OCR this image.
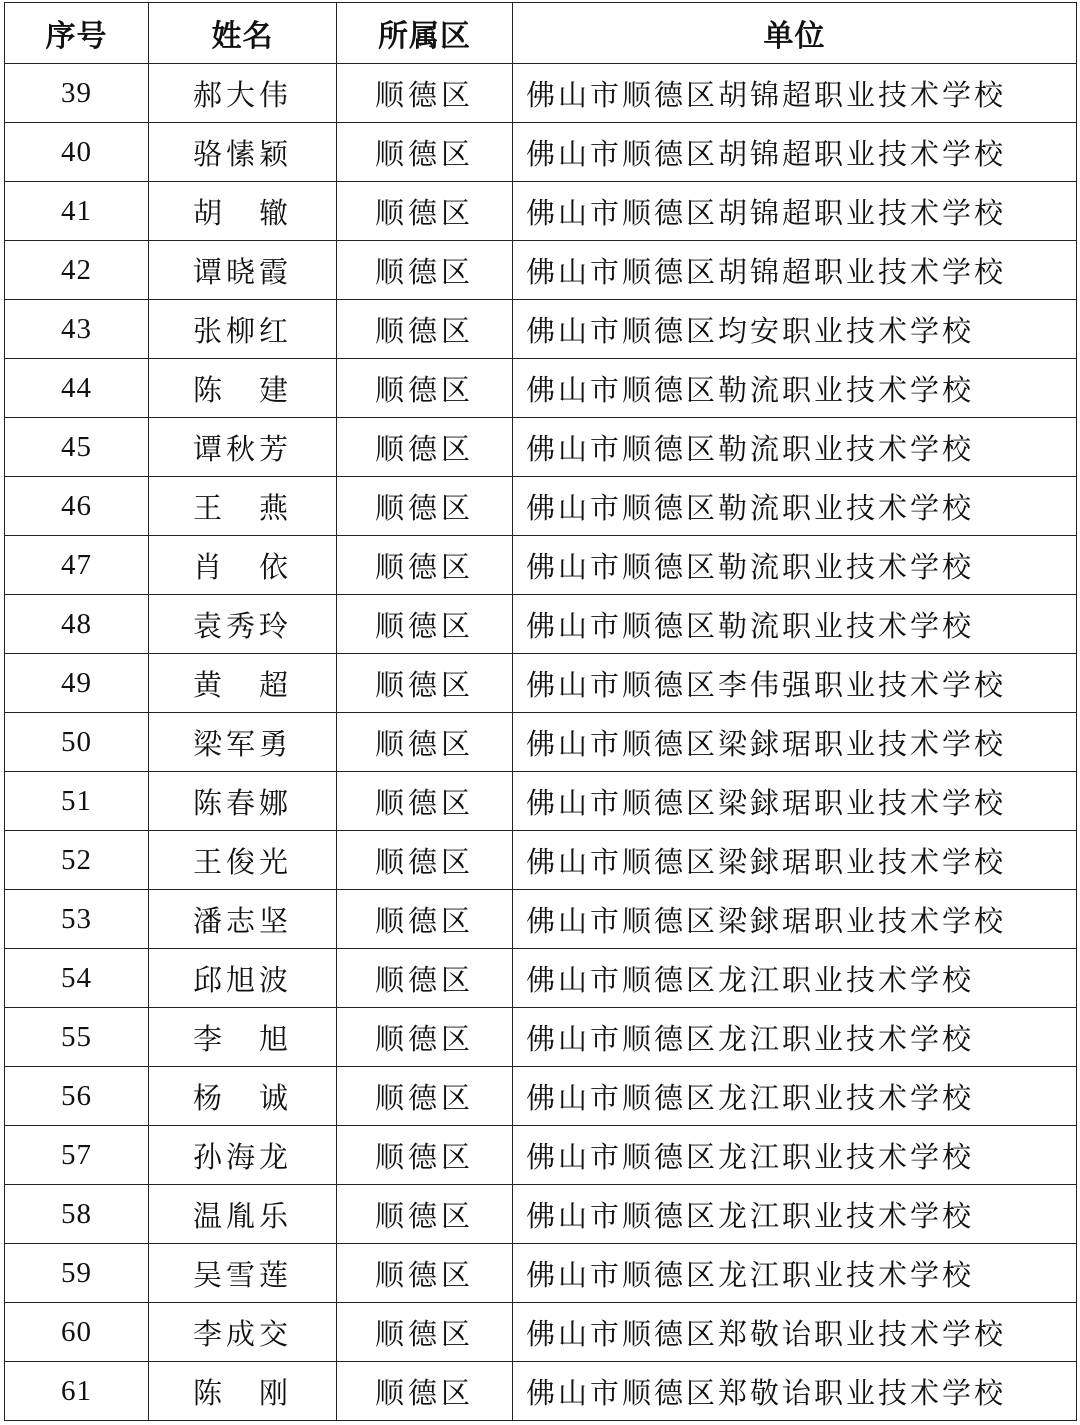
序号	姓名	所属区	单位
39	郝大伟	顺德区	佛山市顺德区胡锦超职业技术学校
40	骆愫颖	顺德区	佛山市顺德区胡锦超职业技术学校
41	胡　辙	顺德区	佛山市顺德区胡锦超职业技术学校
42	谭晓霞	顺德区	佛山市顺德区胡锦超职业技术学校
43	张柳红	顺德区	佛山市顺德区均安职业技术学校
44	陈　建	顺德区	佛山市顺德区勒流职业技术学校
45	谭秋芳	顺德区	佛山市顺德区勒流职业技术学校
46	王　燕	顺德区	佛山市顺德区勒流职业技术学校
47	肖　依	顺德区	佛山市顺德区勒流职业技术学校
48	袁秀玲	顺德区	佛山市顺德区勒流职业技术学校
49	黄　超	顺德区	佛山市顺德区李伟强职业技术学校
50	梁军勇	顺德区	佛山市顺德区梁銶琚职业技术学校
51	陈春娜	顺德区	佛山市顺德区梁銶琚职业技术学校
52	王俊光	顺德区	佛山市顺德区梁銶琚职业技术学校
53	潘志坚	顺德区	佛山市顺德区梁銶琚职业技术学校
54	邱旭波	顺德区	佛山市顺德区龙江职业技术学校
55	李　旭	顺德区	佛山市顺德区龙江职业技术学校
56	杨　诚	顺德区	佛山市顺德区龙江职业技术学校
57	孙海龙	顺德区	佛山市顺德区龙江职业技术学校
58	温胤乐	顺德区	佛山市顺德区龙江职业技术学校
59	吴雪莲	顺德区	佛山市顺德区龙江职业技术学校
60	李成交	顺德区	佛山市顺德区郑敬诒职业技术学校
61	陈　刚	顺德区	佛山市顺德区郑敬诒职业技术学校
